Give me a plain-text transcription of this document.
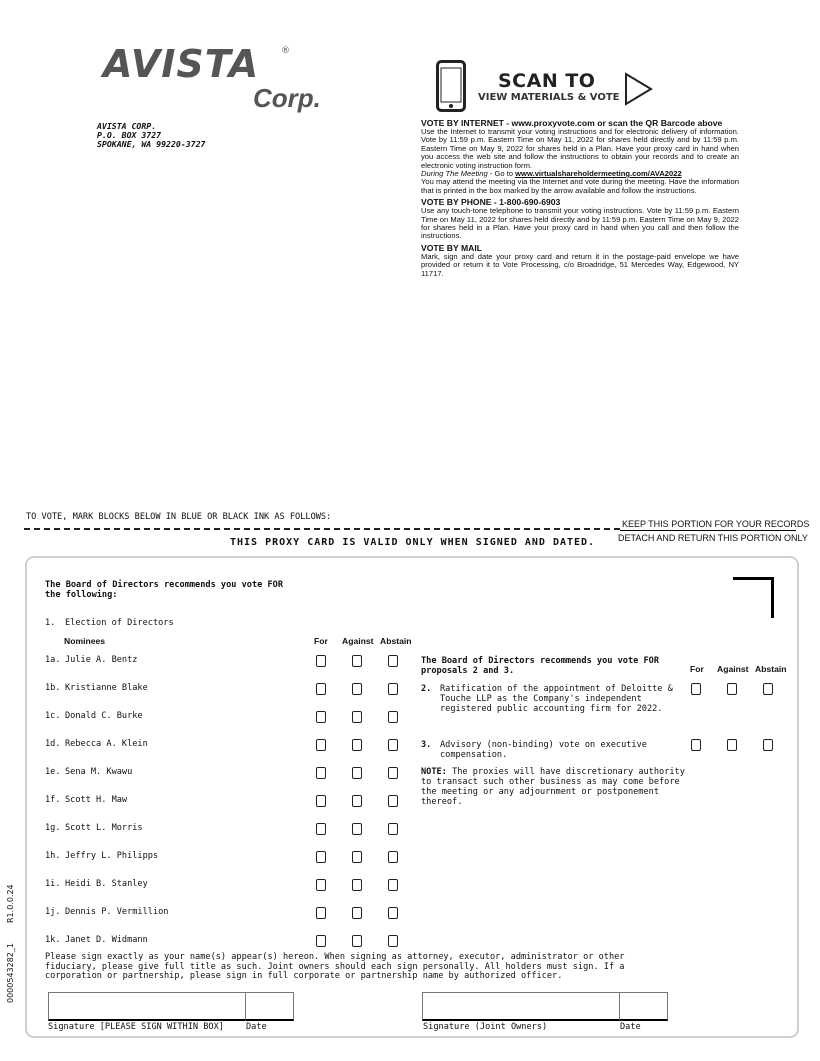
AVISTA ®
Corp.
AVISTA CORP.
P.O. BOX 3727
SPOKANE, WA 99220-3727
SCAN TO
VIEW MATERIALS & VOTE
VOTE BY INTERNET - www.proxyvote.com or scan the QR Barcode above

Use the Internet to transmit your voting instructions and for electronic delivery of information. Vote by 11:59 p.m. Eastern Time on May 11, 2022 for shares held directly and by 11:59 p.m. Eastern Time on May 9, 2022 for shares held in a Plan. Have your proxy card in hand when you access the web site and follow the instructions to obtain your records and to create an electronic voting instruction form.

During The Meeting - Go to www.virtualshareholdermeeting.com/AVA2022

You may attend the meeting via the Internet and vote during the meeting. Have the information that is printed in the box marked by the arrow available and follow the instructions.

VOTE BY PHONE - 1-800-690-6903

Use any touch-tone telephone to transmit your voting instructions. Vote by 11:59 p.m. Eastern Time on May 11, 2022 for shares held directly and by 11:59 p.m. Eastern Time on May 9, 2022 for shares held in a Plan. Have your proxy card in hand when you call and then follow the instructions.

VOTE BY MAIL

Mark, sign and date your proxy card and return it in the postage-paid envelope we have provided or return it to Vote Processing, c/o Broadridge, 51 Mercedes Way, Edgewood, NY 11717.

TO VOTE, MARK BLOCKS BELOW IN BLUE OR BLACK INK AS FOLLOWS:
KEEP THIS PORTION FOR YOUR RECORDS
DETACH AND RETURN THIS PORTION ONLY
THIS PROXY CARD IS VALID ONLY WHEN SIGNED AND DATED.
The Board of Directors recommends you vote FOR
the following:
1. Election of Directors
Nominees	For Against Abstain
1a. Julie A. Bentz
1b. Kristianne Blake
1c. Donald C. Burke
1d. Rebecca A. Klein
1e. Sena M. Kwawu
1f. Scott H. Maw
1g. Scott L. Morris
1h. Jeffry L. Philipps
1i. Heidi B. Stanley
1j. Dennis P. Vermillion
1k. Janet D. Widmann
The Board of Directors recommends you vote FOR
proposals 2 and 3.	For Against Abstain
2. Ratification of the appointment of Deloitte &
Touche LLP as the Company's independent
registered public accounting firm for 2022.
3. Advisory (non-binding) vote on executive
compensation.
NOTE: The proxies will have discretionary authority
to transact such other business as may come before
the meeting or any adjournment or postponement
thereof.
Please sign exactly as your name(s) appear(s) hereon. When signing as attorney, executor, administrator or other fiduciary, please give full title as such. Joint owners should each sign personally. All holders must sign. If a corporation or partnership, please sign in full corporate or partnership name by authorized officer.
Signature [PLEASE SIGN WITHIN BOX]	Date	Signature (Joint Owners)	Date
0000543282_1
R1.0.0.24
